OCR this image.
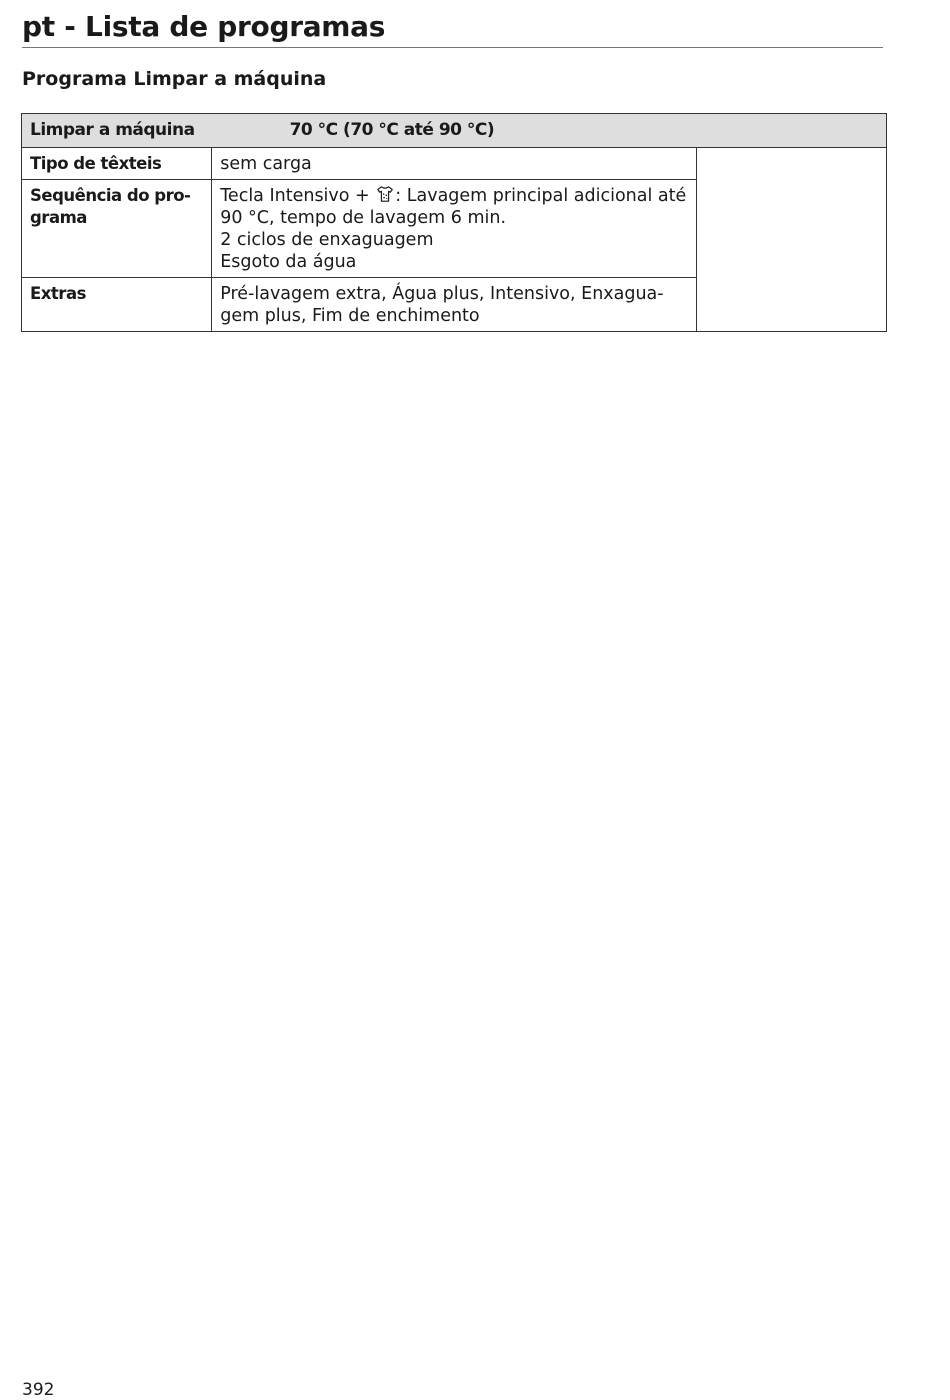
pt - Lista de programas
Programa Limpar a máquina
Limpar a máquina 70 °C (70 °C até 90 °C)		
Tipo de têxteis	sem carga	

Sequência do pro-
grama	Tecla Intensivo + : Lavagem principal adicional até
90 °C, tempo de lavagem 6 min.
2 ciclos de enxaguagem
Esgoto da água	

Extras	Pré-lavagem extra, Água plus, Intensivo, Enxagua-
gem plus, Fim de enchimento	

392
